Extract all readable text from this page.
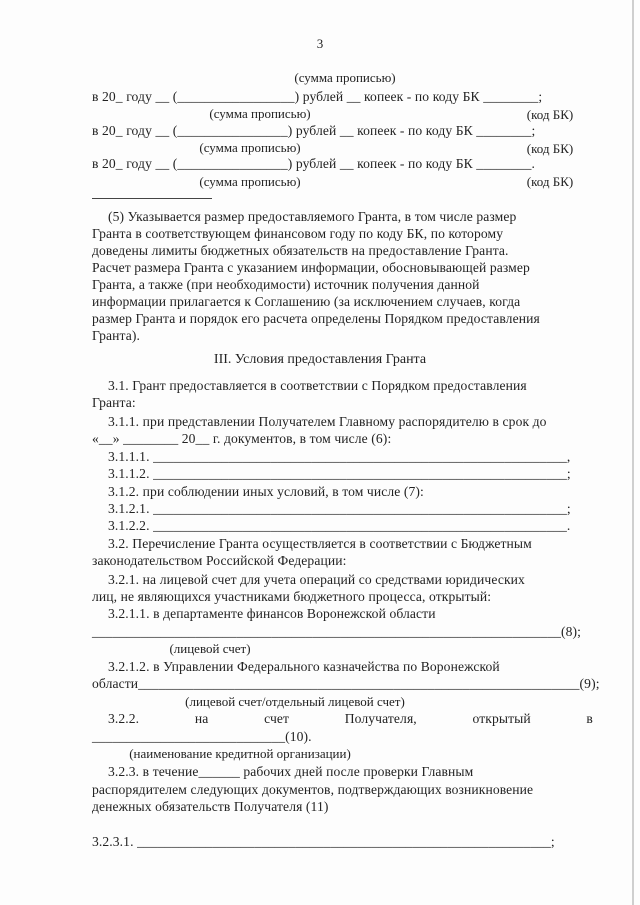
3
(сумма прописью)
в 20_ году __ (_________________) рублей __ копеек - по коду БК ________;
(сумма прописью)	(код БК)
в 20_ году __ (________________) рублей __ копеек - по коду БК ________;
(сумма прописью)	(код БК)
в 20_ году __ (________________) рублей __ копеек - по коду БК ________.
(сумма прописью)	(код БК)
(5) Указывается размер предоставляемого Гранта, в том числе размер
Гранта в соответствующем финансовом году по коду БК, по которому
доведены лимиты бюджетных обязательств на предоставление Гранта.
Расчет размера Гранта с указанием информации, обосновывающей размер
Гранта, а также (при необходимости) источник получения данной
информации прилагается к Соглашению (за исключением случаев, когда
размер Гранта и порядок его расчета определены Порядком предоставления
Гранта).
III. Условия предоставления Гранта
3.1. Грант предоставляется в соответствии с Порядком предоставления
Гранта:
3.1.1. при представлении Получателем Главному распорядителю в срок до
«__» ________ 20__ г. документов, в том числе (6):
3.1.1.1. ____________________________________________________________,
3.1.1.2. ____________________________________________________________;
3.1.2. при соблюдении иных условий, в том числе (7):
3.1.2.1. ____________________________________________________________;
3.1.2.2. ____________________________________________________________.
3.2. Перечисление Гранта осуществляется в соответствии с Бюджетным
законодательством Российской Федерации:
3.2.1. на лицевой счет для учета операций со средствами юридических
лиц, не являющихся участниками бюджетного процесса, открытый:
3.2.1.1. в департаменте финансов Воронежской области
____________________________________________________________________(8);
(лицевой счет)
3.2.1.2. в Управлении Федерального казначейства по Воронежской
области________________________________________________________________(9);
(лицевой счет/отдельный лицевой счет)
3.2.2.	на	счет	Получателя,	открытый	в
____________________________(10).
(наименование кредитной организации)
3.2.3. в течение______ рабочих дней после проверки Главным
распорядителем следующих документов, подтверждающих возникновение
денежных обязательств Получателя (11)
3.2.3.1. ____________________________________________________________;
